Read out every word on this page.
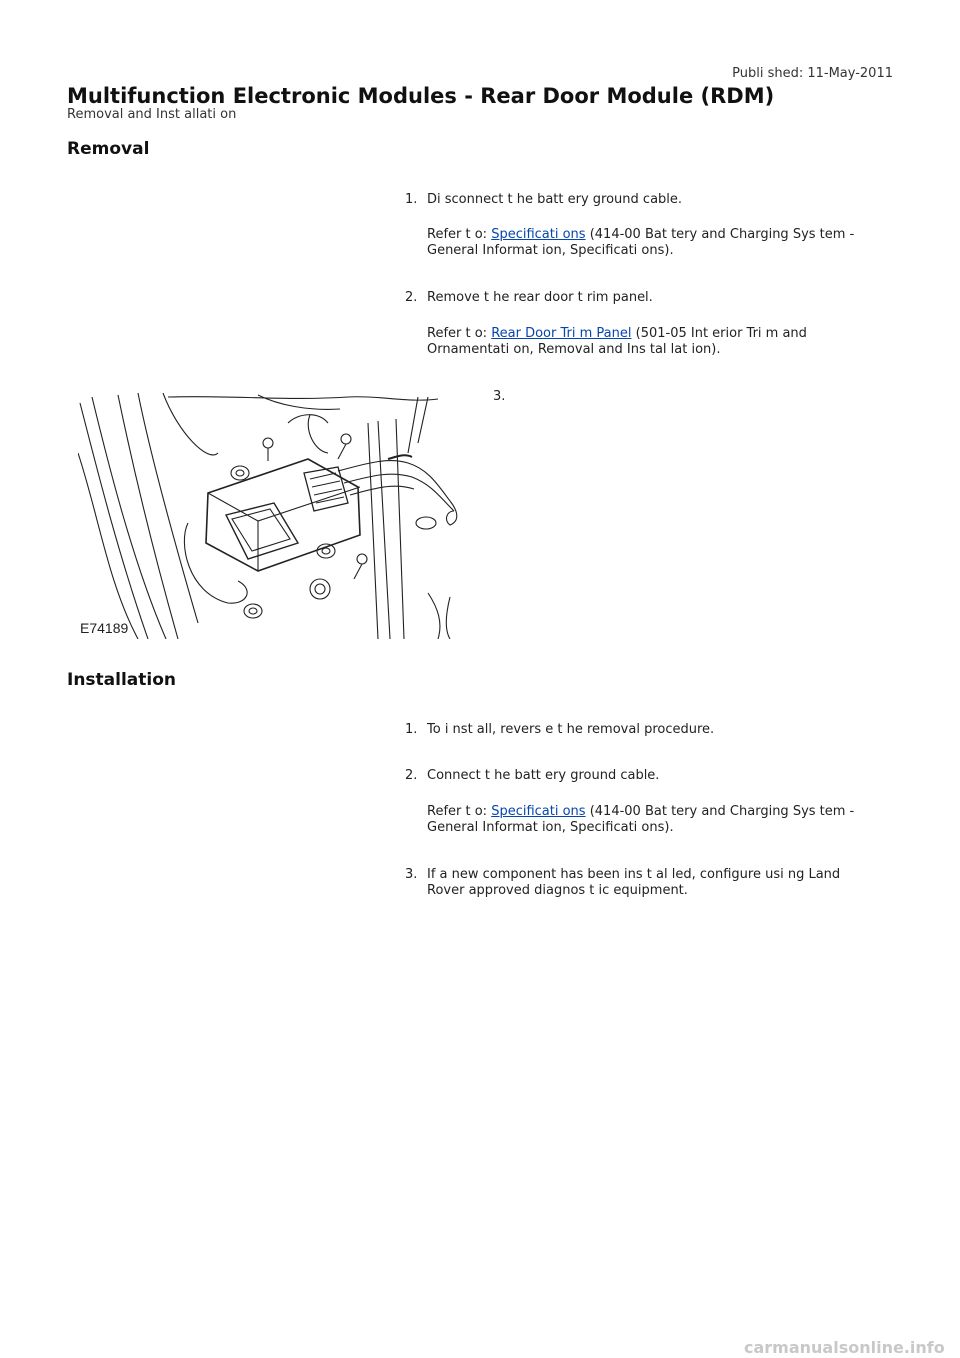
Publi shed: 11-May-2011
Multifunction Electronic Modules - Rear Door Module (RDM)
Removal and Inst allati on
Removal
1. Di sconnect t he batt ery ground cable.
Refer t o: Specificati ons (414-00 Bat tery and Charging Sys tem - General Informat ion, Specificati ons).
2. Remove t he rear door t rim panel.
Refer t o: Rear Door Tri m Panel (501-05 Int erior Tri m and Ornamentati on, Removal and Ins tal lat ion).
3.
E74189
Installation
1. To i nst all, revers e t he removal procedure.
2. Connect t he batt ery ground cable.
Refer t o: Specificati ons (414-00 Bat tery and Charging Sys tem - General Informat ion, Specificati ons).
3. If a new component has been ins t al led, configure usi ng Land Rover approved diagnos t ic equipment.
carmanualsonline.info
